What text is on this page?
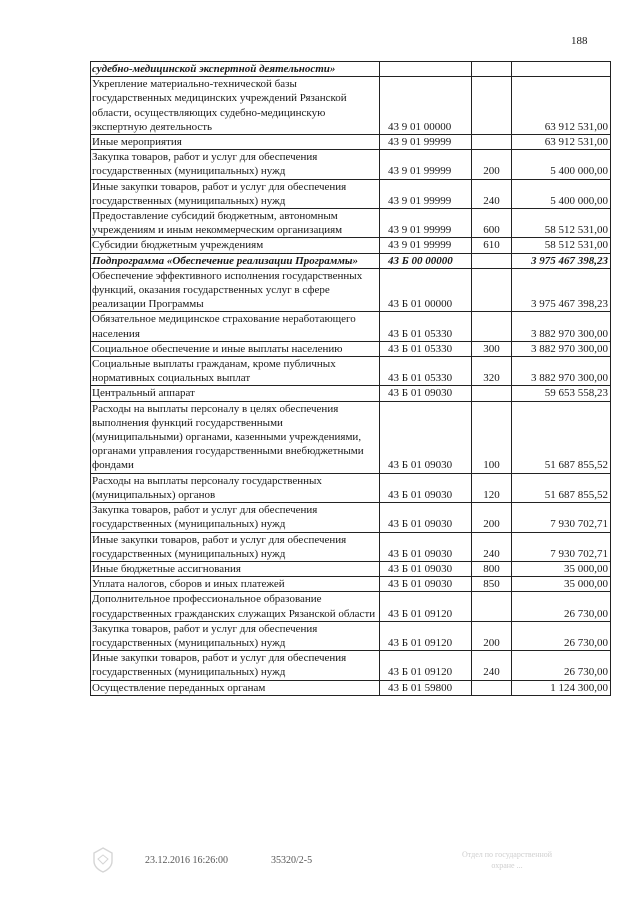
188
судебно-медицинской экспертной деятельности»			
Укрепление материально-технической базы государственных медицинских учреждений Рязанской области, осуществляющих судебно-медицинскую экспертную деятельность	43 9 01 00000		63 912 531,00
Иные мероприятия	43 9 01 99999		63 912 531,00
Закупка товаров, работ и услуг для обеспечения государственных (муниципальных) нужд	43 9 01 99999	200	5 400 000,00
Иные закупки товаров, работ и услуг для обеспечения государственных (муниципальных) нужд	43 9 01 99999	240	5 400 000,00
Предоставление субсидий бюджетным, автономным учреждениям и иным некоммерческим организациям	43 9 01 99999	600	58 512 531,00
Субсидии бюджетным учреждениям	43 9 01 99999	610	58 512 531,00
Подпрограмма «Обеспечение реализации Программы»	43 Б 00 00000		3 975 467 398,23
Обеспечение эффективного исполнения государственных функций, оказания государственных услуг в сфере реализации Программы	43 Б 01 00000		3 975 467 398,23
Обязательное медицинское страхование неработающего населения	43 Б 01 05330		3 882 970 300,00
Социальное обеспечение и иные выплаты населению	43 Б 01 05330	300	3 882 970 300,00
Социальные выплаты гражданам, кроме публичных нормативных социальных выплат	43 Б 01 05330	320	3 882 970 300,00
Центральный аппарат	43 Б 01 09030		59 653 558,23
Расходы на выплаты персоналу в целях обеспечения выполнения функций государственными (муниципальными) органами, казенными учреждениями, органами управления государственными внебюджетными фондами	43 Б 01 09030	100	51 687 855,52
Расходы на выплаты персоналу государственных (муниципальных) органов	43 Б 01 09030	120	51 687 855,52
Закупка товаров, работ и услуг для обеспечения государственных (муниципальных) нужд	43 Б 01 09030	200	7 930 702,71
Иные закупки товаров, работ и услуг для обеспечения государственных (муниципальных) нужд	43 Б 01 09030	240	7 930 702,71
Иные бюджетные ассигнования	43 Б 01 09030	800	35 000,00
Уплата налогов, сборов и иных платежей	43 Б 01 09030	850	35 000,00
Дополнительное профессиональное образование государственных гражданских служащих Рязанской области	43 Б 01 09120		26 730,00
Закупка товаров, работ и услуг для обеспечения государственных (муниципальных) нужд	43 Б 01 09120	200	26 730,00
Иные закупки товаров, работ и услуг для обеспечения государственных (муниципальных) нужд	43 Б 01 09120	240	26 730,00
Осуществление переданных органам	43 Б 01 59800		1 124 300,00
23.12.2016 16:26:00	35320/2-5
Отдел по государственной охране ...
